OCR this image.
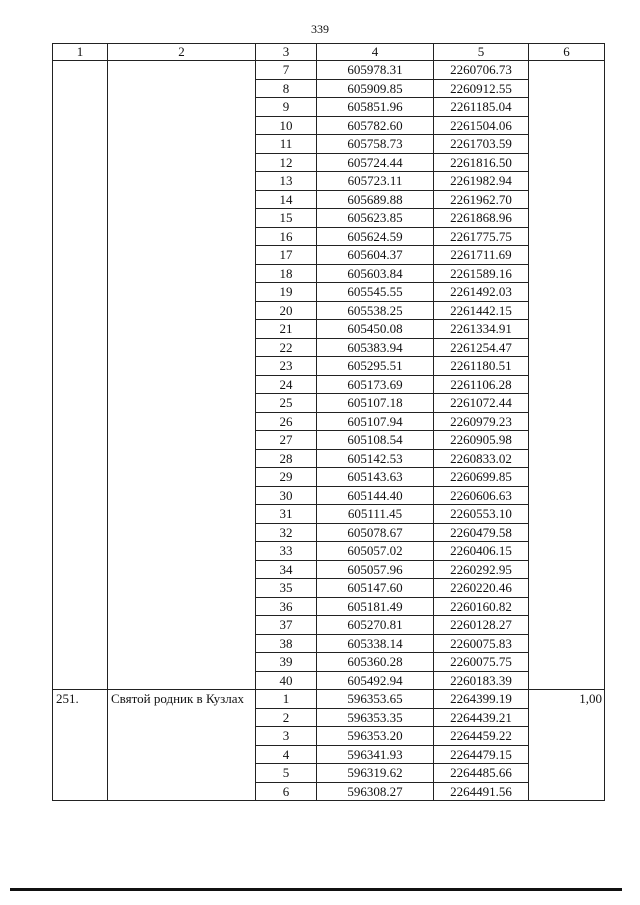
339
1	2	3	4	5	6
		7	605978.31	2260706.73	
		8	605909.85	2260912.55	
		9	605851.96	2261185.04	
		10	605782.60	2261504.06	
		11	605758.73	2261703.59	
		12	605724.44	2261816.50	
		13	605723.11	2261982.94	
		14	605689.88	2261962.70	
		15	605623.85	2261868.96	
		16	605624.59	2261775.75	
		17	605604.37	2261711.69	
		18	605603.84	2261589.16	
		19	605545.55	2261492.03	
		20	605538.25	2261442.15	
		21	605450.08	2261334.91	
		22	605383.94	2261254.47	
		23	605295.51	2261180.51	
		24	605173.69	2261106.28	
		25	605107.18	2261072.44	
		26	605107.94	2260979.23	
		27	605108.54	2260905.98	
		28	605142.53	2260833.02	
		29	605143.63	2260699.85	
		30	605144.40	2260606.63	
		31	605111.45	2260553.10	
		32	605078.67	2260479.58	
		33	605057.02	2260406.15	
		34	605057.96	2260292.95	
		35	605147.60	2260220.46	
		36	605181.49	2260160.82	
		37	605270.81	2260128.27	
		38	605338.14	2260075.83	
		39	605360.28	2260075.75	
		40	605492.94	2260183.39	
251.	Святой родник в Кузлах	1	596353.65	2264399.19	1,00
		2	596353.35	2264439.21	
		3	596353.20	2264459.22	
		4	596341.93	2264479.15	
		5	596319.62	2264485.66	
		6	596308.27	2264491.56	
